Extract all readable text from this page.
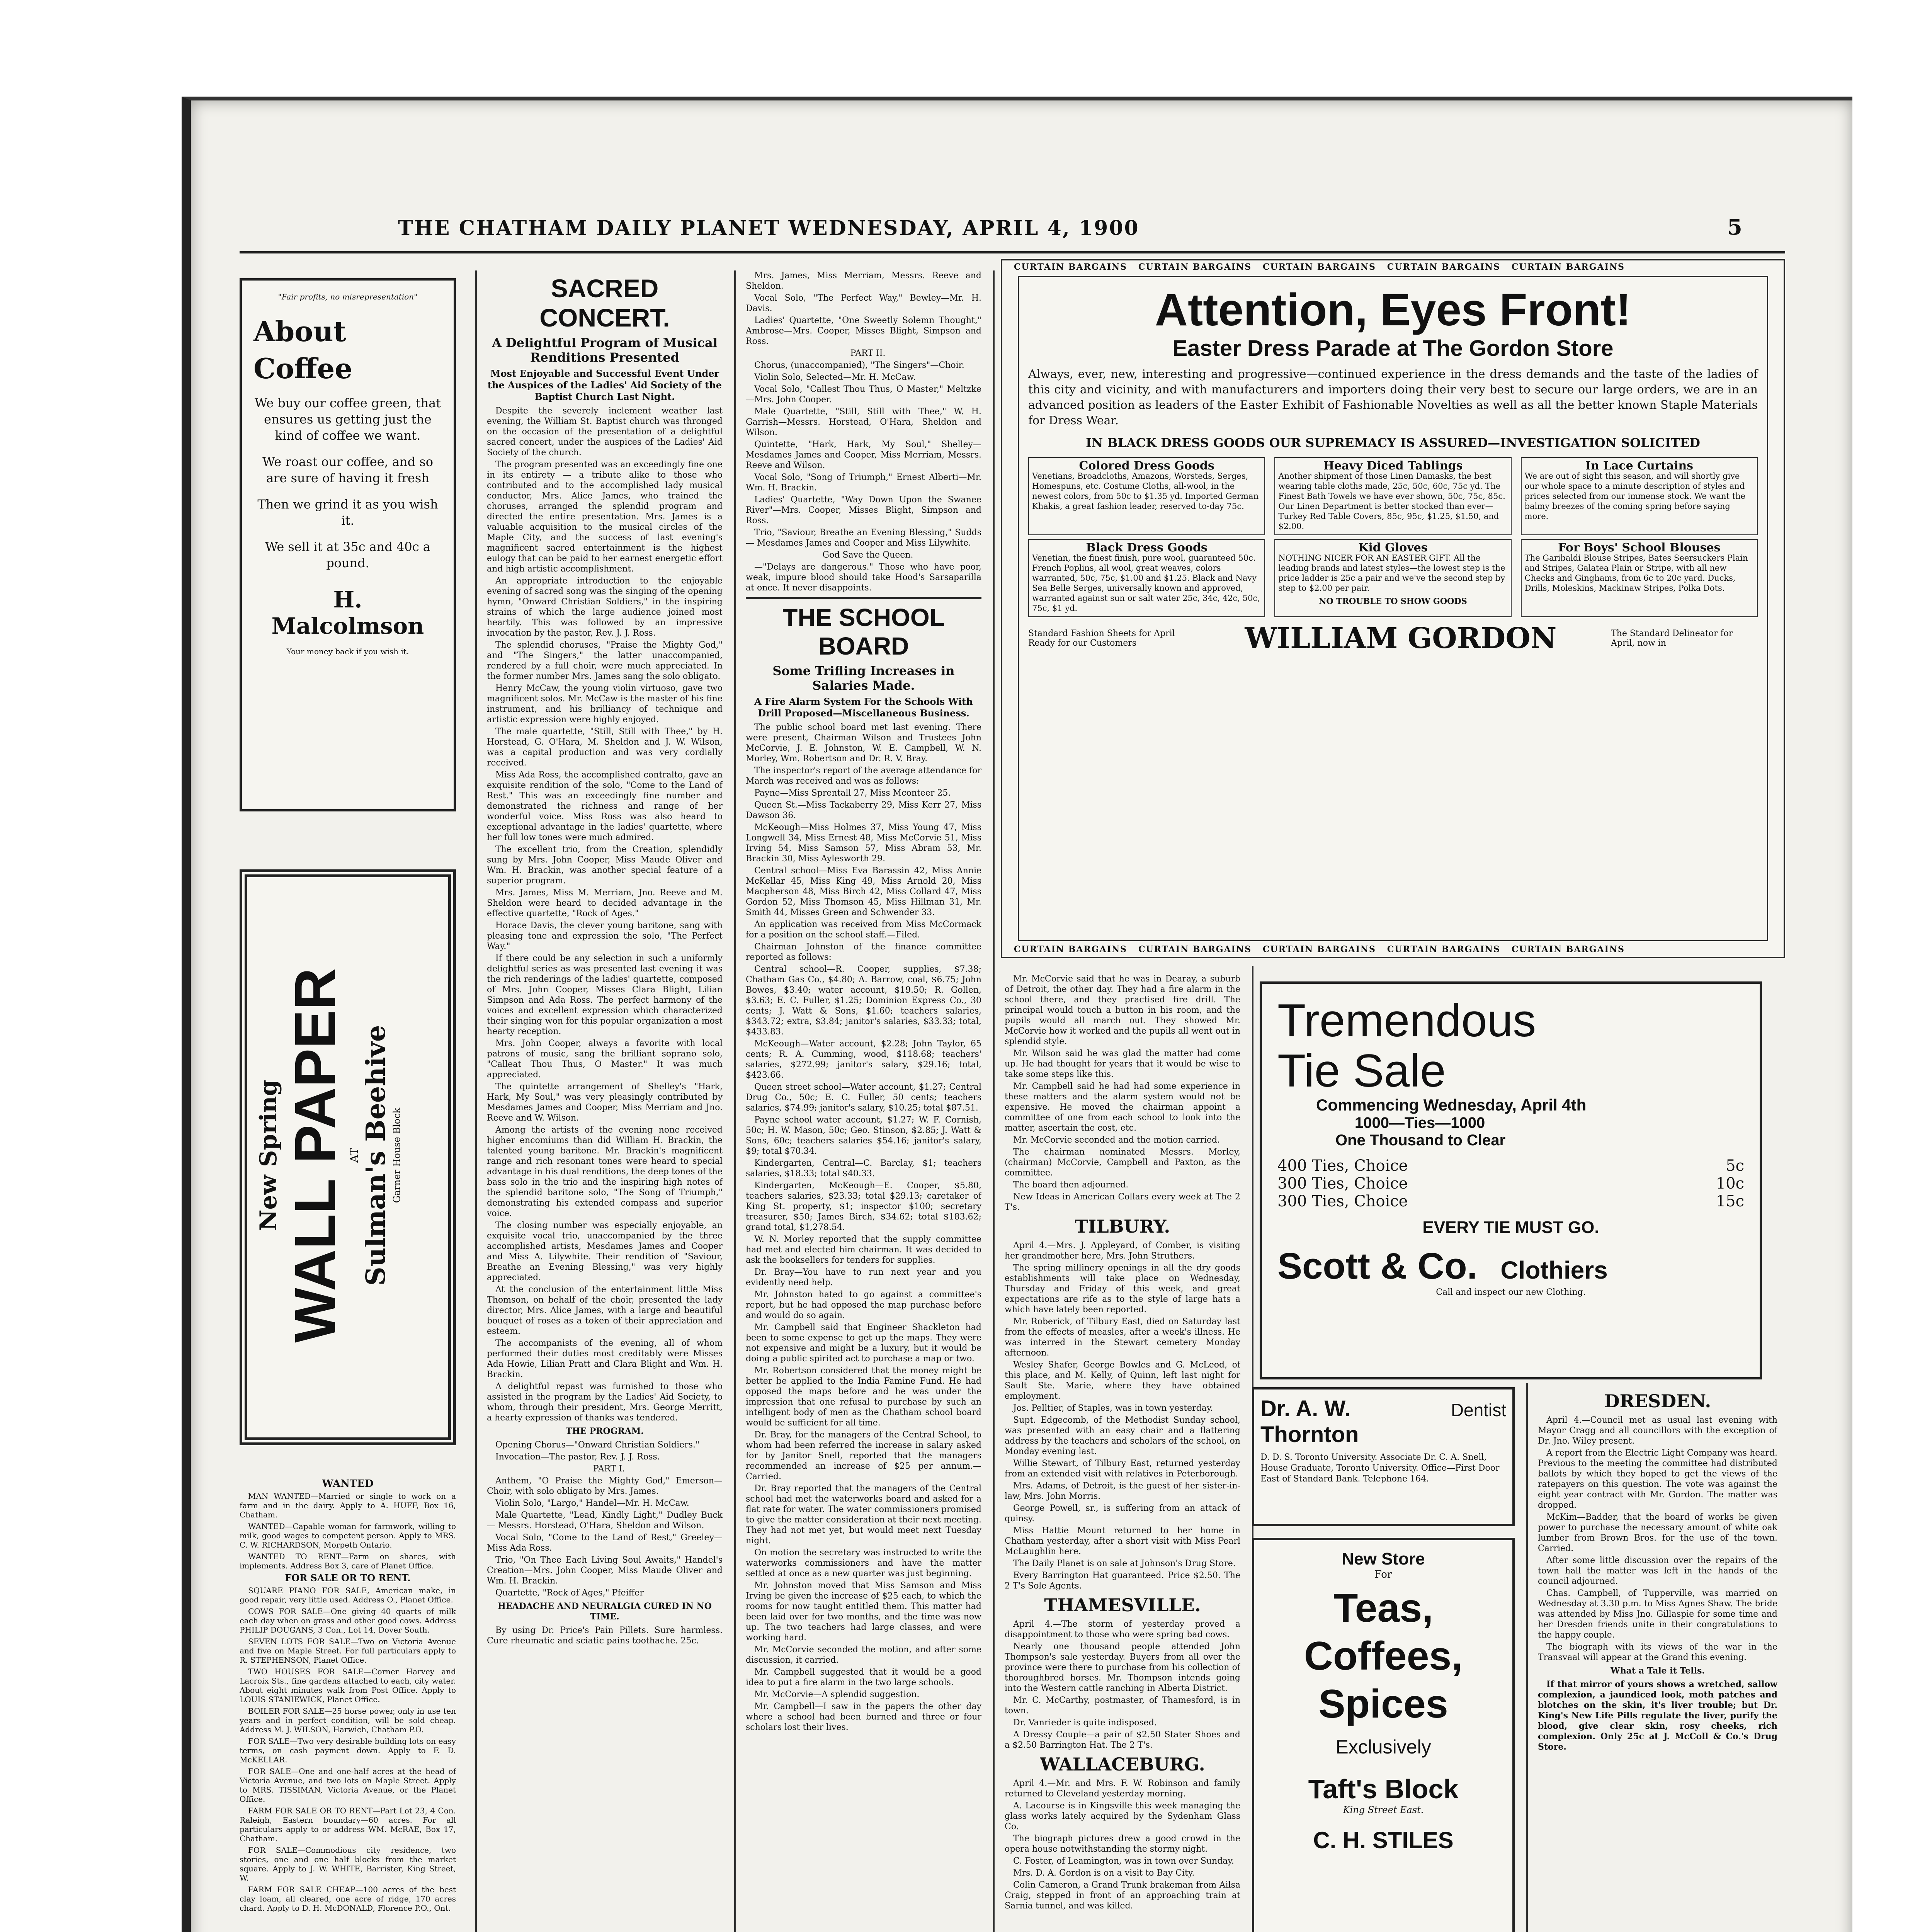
THE CHATHAM DAILY PLANET WEDNESDAY, APRIL 4, 1900	5
"Fair profits, no misrepresentation"
About Coffee

We buy our coffee green, that ensures us getting just the kind of coffee we want.

We roast our coffee, and so are sure of having it fresh

Then we grind it as you wish it.

We sell it at 35c and 40c a pound.

H. Malcolmson
Your money back if you wish it.
New Spring WALL PAPER AT Sulman's Beehive Garner House Block
WANTED

MAN WANTED—Married or single to work on a farm and in the dairy. Apply to A. HUFF, Box 16, Chatham.

WANTED—Capable woman for farmwork, willing to milk, good wages to competent person. Apply to MRS. C. W. RICHARDSON, Morpeth Ontario.

WANTED TO RENT—Farm on shares, with implements. Address Box 3, care of Planet Office.

FOR SALE OR TO RENT.

SQUARE PIANO FOR SALE, American make, in good repair, very little used. Address O., Planet Office.

COWS FOR SALE—One giving 40 quarts of milk each day when on grass and other good cows. Address PHILIP DOUGANS, 3 Con., Lot 14, Dover South.

SEVEN LOTS FOR SALE—Two on Victoria Avenue and five on Maple Street. For full particulars apply to R. STEPHENSON, Planet Office.

TWO HOUSES FOR SALE—Corner Harvey and Lacroix Sts., fine gardens attached to each, city water. About eight minutes walk from Post Office. Apply to LOUIS STANIEWICK, Planet Office.

BOILER FOR SALE—25 horse power, only in use ten years and in perfect condition, will be sold cheap. Address M. J. WILSON, Harwich, Chatham P.O.

FOR SALE—Two very desirable building lots on easy terms, on cash payment down. Apply to F. D. McKELLAR.

FOR SALE—One and one-half acres at the head of Victoria Avenue, and two lots on Maple Street. Apply to MRS. TISSIMAN, Victoria Avenue, or the Planet Office.

FARM FOR SALE OR TO RENT—Part Lot 23, 4 Con. Raleigh, Eastern boundary—60 acres. For all particulars apply to or address WM. McRAE, Box 17, Chatham.

FOR SALE—Commodious city residence, two stories, one and one half blocks from the market square. Apply to J. W. WHITE, Barrister, King Street, W.

FARM FOR SALE CHEAP—100 acres of the best clay loam, all cleared, one acre of ridge, 170 acres chard. Apply to D. H. McDONALD, Florence P.O., Ont.

SACRED CONCERT.
A Delightful Program of Musical Renditions Presented
Most Enjoyable and Successful Event Under the Auspices of the Ladies' Aid Society of the Baptist Church Last Night.

Despite the severely inclement weather last evening, the William St. Baptist church was thronged on the occasion of the presentation of a delightful sacred concert, under the auspices of the Ladies' Aid Society of the church.

The program presented was an exceedingly fine one in its entirety — a tribute alike to those who contributed and to the accomplished lady musical conductor, Mrs. Alice James, who trained the choruses, arranged the splendid program and directed the entire presentation. Mrs. James is a valuable acquisition to the musical circles of the Maple City, and the success of last evening's magnificent sacred entertainment is the highest eulogy that can be paid to her earnest energetic effort and high artistic accomplishment.

An appropriate introduction to the enjoyable evening of sacred song was the singing of the opening hymn, "Onward Christian Soldiers," in the inspiring strains of which the large audience joined most heartily. This was followed by an impressive invocation by the pastor, Rev. J. J. Ross.

The splendid choruses, "Praise the Mighty God," and "The Singers," the latter unaccompanied, rendered by a full choir, were much appreciated. In the former number Mrs. James sang the solo obligato.

Henry McCaw, the young violin virtuoso, gave two magnificent solos. Mr. McCaw is the master of his fine instrument, and his brilliancy of technique and artistic expression were highly enjoyed.

The male quartette, "Still, Still with Thee," by H. Horstead, G. O'Hara, M. Sheldon and J. W. Wilson, was a capital production and was very cordially received.

Miss Ada Ross, the accomplished contralto, gave an exquisite rendition of the solo, "Come to the Land of Rest." This was an exceedingly fine number and demonstrated the richness and range of her wonderful voice. Miss Ross was also heard to exceptional advantage in the ladies' quartette, where her full low tones were much admired.

The excellent trio, from the Creation, splendidly sung by Mrs. John Cooper, Miss Maude Oliver and Wm. H. Brackin, was another special feature of a superior program.

Mrs. James, Miss M. Merriam, Jno. Reeve and M. Sheldon were heard to decided advantage in the effective quartette, "Rock of Ages."

Horace Davis, the clever young baritone, sang with pleasing tone and expression the solo, "The Perfect Way."

If there could be any selection in such a uniformly delightful series as was presented last evening it was the rich renderings of the ladies' quartette, composed of Mrs. John Cooper, Misses Clara Blight, Lilian Simpson and Ada Ross. The perfect harmony of the voices and excellent expression which characterized their singing won for this popular organization a most hearty reception.

Mrs. John Cooper, always a favorite with local patrons of music, sang the brilliant soprano solo, "Calleat Thou Thus, O Master." It was much appreciated.

The quintette arrangement of Shelley's "Hark, Hark, My Soul," was very pleasingly contributed by Mesdames James and Cooper, Miss Merriam and Jno. Reeve and W. Wilson.

Among the artists of the evening none received higher encomiums than did William H. Brackin, the talented young baritone. Mr. Brackin's magnificent range and rich resonant tones were heard to special advantage in his dual renditions, the deep tones of the bass solo in the trio and the inspiring high notes of the splendid baritone solo, "The Song of Triumph," demonstrating his extended compass and superior voice.

The closing number was especially enjoyable, an exquisite vocal trio, unaccompanied by the three accomplished artists, Mesdames James and Cooper and Miss A. Lilywhite. Their rendition of "Saviour, Breathe an Evening Blessing," was very highly appreciated.

At the conclusion of the entertainment little Miss Thomson, on behalf of the choir, presented the lady director, Mrs. Alice James, with a large and beautiful bouquet of roses as a token of their appreciation and esteem.

The accompanists of the evening, all of whom performed their duties most creditably were Misses Ada Howie, Lilian Pratt and Clara Blight and Wm. H. Brackin.

A delightful repast was furnished to those who assisted in the program by the Ladies' Aid Society, to whom, through their president, Mrs. George Merritt, a hearty expression of thanks was tendered.

THE PROGRAM.

Opening Chorus—"Onward Christian Soldiers."

Invocation—The pastor, Rev. J. J. Ross.

PART I.

Anthem, "O Praise the Mighty God," Emerson—Choir, with solo obligato by Mrs. James.

Violin Solo, "Largo," Handel—Mr. H. McCaw.

Male Quartette, "Lead, Kindly Light," Dudley Buck — Messrs. Horstead, O'Hara, Sheldon and Wilson.

Vocal Solo, "Come to the Land of Rest," Greeley—Miss Ada Ross.

Trio, "On Thee Each Living Soul Awaits," Handel's Creation—Mrs. John Cooper, Miss Maude Oliver and Wm. H. Brackin.

Quartette, "Rock of Ages," Pfeiffer

HEADACHE AND NEURALGIA CURED IN NO TIME.

By using Dr. Price's Pain Pillets. Sure harmless. Cure rheumatic and sciatic pains toothache. 25c.

Mrs. James, Miss Merriam, Messrs. Reeve and Sheldon.

Vocal Solo, "The Perfect Way," Bewley—Mr. H. Davis.

Ladies' Quartette, "One Sweetly Solemn Thought," Ambrose—Mrs. Cooper, Misses Blight, Simpson and Ross.

PART II.

Chorus, (unaccompanied), "The Singers"—Choir.

Violin Solo, Selected—Mr. H. McCaw.

Vocal Solo, "Callest Thou Thus, O Master," Meltzke—Mrs. John Cooper.

Male Quartette, "Still, Still with Thee," W. H. Garrish—Messrs. Horstead, O'Hara, Sheldon and Wilson.

Quintette, "Hark, Hark, My Soul," Shelley—Mesdames James and Cooper, Miss Merriam, Messrs. Reeve and Wilson.

Vocal Solo, "Song of Triumph," Ernest Alberti—Mr. Wm. H. Brackin.

Ladies' Quartette, "Way Down Upon the Swanee River"—Mrs. Cooper, Misses Blight, Simpson and Ross.

Trio, "Saviour, Breathe an Evening Blessing," Sudds — Mesdames James and Cooper and Miss Lilywhite.

God Save the Queen.

—"Delays are dangerous." Those who have poor, weak, impure blood should take Hood's Sarsaparilla at once. It never disappoints.

THE SCHOOL BOARD
Some Trifling Increases in Salaries Made.
A Fire Alarm System For the Schools With Drill Proposed—Miscellaneous Business.

The public school board met last evening. There were present, Chairman Wilson and Trustees John McCorvie, J. E. Johnston, W. E. Campbell, W. N. Morley, Wm. Robertson and Dr. R. V. Bray.

The inspector's report of the average attendance for March was received and was as follows:

Payne—Miss Sprentall 27, Miss Mconteer 25.

Queen St.—Miss Tackaberry 29, Miss Kerr 27, Miss Dawson 36.

McKeough—Miss Holmes 37, Miss Young 47, Miss Longwell 34, Miss Ernest 48, Miss McCorvie 51, Miss Irving 54, Miss Samson 57, Miss Abram 53, Mr. Brackin 30, Miss Aylesworth 29.

Central school—Miss Eva Barassin 42, Miss Annie McKellar 45, Miss King 49, Miss Arnold 20, Miss Macpherson 48, Miss Birch 42, Miss Collard 47, Miss Gordon 52, Miss Thomson 45, Miss Hillman 31, Mr. Smith 44, Misses Green and Schwender 33.

An application was received from Miss McCormack for a position on the school staff.—Filed.

Chairman Johnston of the finance committee reported as follows:

Central school—R. Cooper, supplies, $7.38; Chatham Gas Co., $4.80; A. Barrow, coal, $6.75; John Bowes, $3.40; water account, $19.50; R. Gollen, $3.63; E. C. Fuller, $1.25; Dominion Express Co., 30 cents; J. Watt & Sons, $1.60; teachers salaries, $343.72; extra, $3.84; janitor's salaries, $33.33; total, $433.83.

McKeough—Water account, $2.28; John Taylor, 65 cents; R. A. Cumming, wood, $118.68; teachers' salaries, $272.99; janitor's salary, $29.16; total, $423.66.

Queen street school—Water account, $1.27; Central Drug Co., 50c; E. C. Fuller, 50 cents; teachers salaries, $74.99; janitor's salary, $10.25; total $87.51.

Payne school water account, $1.27; W. F. Cornish, 50c; H. W. Mason, 50c; Geo. Stinson, $2.85; J. Watt & Sons, 60c; teachers salaries $54.16; janitor's salary, $9; total $70.34.

Kindergarten, Central—C. Barclay, $1; teachers salaries, $18.33; total $40.33.

Kindergarten, McKeough—E. Cooper, $5.80, teachers salaries, $23.33; total $29.13; caretaker of King St. property, $1; inspector $100; secretary treasurer, $50; James Birch, $34.62; total $183.62; grand total, $1,278.54.

W. N. Morley reported that the supply committee had met and elected him chairman. It was decided to ask the booksellers for tenders for supplies.

Dr. Bray—You have to run next year and you evidently need help.

Mr. Johnston hated to go against a committee's report, but he had opposed the map purchase before and would do so again.

Mr. Campbell said that Engineer Shackleton had been to some expense to get up the maps. They were not expensive and might be a luxury, but it would be doing a public spirited act to purchase a map or two.

Mr. Robertson considered that the money might be better be applied to the India Famine Fund. He had opposed the maps before and he was under the impression that one refusal to purchase by such an intelligent body of men as the Chatham school board would be sufficient for all time.

Dr. Bray, for the managers of the Central School, to whom had been referred the increase in salary asked for by Janitor Snell, reported that the managers recommended an increase of $25 per annum.—Carried.

Dr. Bray reported that the managers of the Central school had met the waterworks board and asked for a flat rate for water. The water commissioners promised to give the matter consideration at their next meeting. They had not met yet, but would meet next Tuesday night.

On motion the secretary was instructed to write the waterworks commissioners and have the matter settled at once as a new quarter was just beginning.

Mr. Johnston moved that Miss Samson and Miss Irving be given the increase of $25 each, to which the rooms for now taught entitled them. This matter had been laid over for two months, and the time was now up. The two teachers had large classes, and were working hard.

Mr. McCorvie seconded the motion, and after some discussion, it carried.

Mr. Campbell suggested that it would be a good idea to put a fire alarm in the two large schools.

Mr. McCorvie—A splendid suggestion.

Mr. Campbell—I saw in the papers the other day where a school had been burned and three or four scholars lost their lives.

CURTAIN BARGAINS CURTAIN BARGAINS CURTAIN BARGAINS CURTAIN BARGAINS CURTAIN BARGAINS
CURTAIN BARGAINS CURTAIN BARGAINS CURTAIN BARGAINS CURTAIN BARGAINS CURTAIN BARGAINS
Attention, Eyes Front!
Easter Dress Parade at The Gordon Store
Always, ever, new, interesting and progressive—continued experience in the dress demands and the taste of the ladies of this city and vicinity, and with manufacturers and importers doing their very best to secure our large orders, we are in an advanced position as leaders of the Easter Exhibit of Fashionable Novelties as well as all the better known Staple Materials for Dress Wear.
IN BLACK DRESS GOODS OUR SUPREMACY IS ASSURED—INVESTIGATION SOLICITED
Colored Dress Goods
Venetians, Broadcloths, Amazons, Worsteds, Serges, Homespuns, etc. Costume Cloths, all-wool, in the newest colors, from 50c to $1.35 yd. Imported German Khakis, a great fashion leader, reserved to-day 75c.
Heavy Diced Tablings
Another shipment of those Linen Damasks, the best wearing table cloths made, 25c, 50c, 60c, 75c yd. The Finest Bath Towels we have ever shown, 50c, 75c, 85c. Our Linen Department is better stocked than ever—Turkey Red Table Covers, 85c, 95c, $1.25, $1.50, and $2.00.
In Lace Curtains
We are out of sight this season, and will shortly give our whole space to a minute description of styles and prices selected from our immense stock. We want the balmy breezes of the coming spring before saying more.
Black Dress Goods
Venetian, the finest finish, pure wool, guaranteed 50c. French Poplins, all wool, great weaves, colors warranted, 50c, 75c, $1.00 and $1.25. Black and Navy Sea Belle Serges, universally known and approved, warranted against sun or salt water 25c, 34c, 42c, 50c, 75c, $1 yd.
Kid Gloves
NOTHING NICER FOR AN EASTER GIFT. All the leading brands and latest styles—the lowest step is the price ladder is 25c a pair and we've the second step by step to $2.00 per pair.
NO TROUBLE TO SHOW GOODS
For Boys' School Blouses
The Garibaldi Blouse Stripes, Bates Seersuckers Plain and Stripes, Galatea Plain or Stripe, with all new Checks and Ginghams, from 6c to 20c yard. Ducks, Drills, Moleskins, Mackinaw Stripes, Polka Dots.
Standard Fashion Sheets for April Ready for our Customers	WILLIAM GORDON	The Standard Delineator for April, now in

Mr. McCorvie said that he was in Dearay, a suburb of Detroit, the other day. They had a fire alarm in the school there, and they practised fire drill. The principal would touch a button in his room, and the pupils would all march out. They showed Mr. McCorvie how it worked and the pupils all went out in splendid style.

Mr. Wilson said he was glad the matter had come up. He had thought for years that it would be wise to take some steps like this.

Mr. Campbell said he had had some experience in these matters and the alarm system would not be expensive. He moved the chairman appoint a committee of one from each school to look into the matter, ascertain the cost, etc.

Mr. McCorvie seconded and the motion carried.

The chairman nominated Messrs. Morley, (chairman) McCorvie, Campbell and Paxton, as the committee.

The board then adjourned.

New Ideas in American Collars every week at The 2 T's.

TILBURY.

April 4.—Mrs. J. Appleyard, of Comber, is visiting her grandmother here, Mrs. John Struthers.

The spring millinery openings in all the dry goods establishments will take place on Wednesday, Thursday and Friday of this week, and great expectations are rife as to the style of large hats a which have lately been reported.

Mr. Roberick, of Tilbury East, died on Saturday last from the effects of measles, after a week's illness. He was interred in the Stewart cemetery Monday afternoon.

Wesley Shafer, George Bowles and G. McLeod, of this place, and M. Kelly, of Quinn, left last night for Sault Ste. Marie, where they have obtained employment.

Jos. Pelltier, of Staples, was in town yesterday.

Supt. Edgecomb, of the Methodist Sunday school, was presented with an easy chair and a flattering address by the teachers and scholars of the school, on Monday evening last.

Willie Stewart, of Tilbury East, returned yesterday from an extended visit with relatives in Peterborough.

Mrs. Adams, of Detroit, is the guest of her sister-in-law, Mrs. John Morris.

George Powell, sr., is suffering from an attack of quinsy.

Miss Hattie Mount returned to her home in Chatham yesterday, after a short visit with Miss Pearl McLaughlin here.

The Daily Planet is on sale at Johnson's Drug Store.

Every Barrington Hat guaranteed. Price $2.50. The 2 T's Sole Agents.

THAMESVILLE.

April 4.—The storm of yesterday proved a disappointment to those who were spring bad cows.

Nearly one thousand people attended John Thompson's sale yesterday. Buyers from all over the province were there to purchase from his collection of thoroughbred horses. Mr. Thompson intends going into the Western cattle ranching in Alberta District.

Mr. C. McCarthy, postmaster, of Thamesford, is in town.

Dr. Vanrieder is quite indisposed.

A Dressy Couple—a pair of $2.50 Stater Shoes and a $2.50 Barrington Hat. The 2 T's.

WALLACEBURG.

April 4.—Mr. and Mrs. F. W. Robinson and family returned to Cleveland yesterday morning.

A. Lacourse is in Kingsville this week managing the glass works lately acquired by the Sydenham Glass Co.

The biograph pictures drew a good crowd in the opera house notwithstanding the stormy night.

C. Foster, of Leamington, was in town over Sunday.

Mrs. D. A. Gordon is on a visit to Bay City.

Colin Cameron, a Grand Trunk brakeman from Ailsa Craig, stepped in front of an approaching train at Sarnia tunnel, and was killed.

Tremendous
Tie Sale
Commencing Wednesday, April 4th
1000—Ties—1000
One Thousand to Clear
400 Ties, Choice	5c
300 Ties, Choice	10c
300 Ties, Choice	15c
EVERY TIE MUST GO.
Scott & Co. Clothiers
Call and inspect our new Clothing.
Dr. A. W. Thornton
Dentist
D. D. S. Toronto University. Associate Dr. C. A. Snell, House Graduate, Toronto University. Office—First Door East of Standard Bank. Telephone 164.
New Store
For
Teas, Coffees,
Spices
Exclusively
Taft's Block
King Street East.
C. H. STILES

DRESDEN.

April 4.—Council met as usual last evening with Mayor Cragg and all councillors with the exception of Dr. Jno. Wiley present.

A report from the Electric Light Company was heard. Previous to the meeting the committee had distributed ballots by which they hoped to get the views of the ratepayers on this question. The vote was against the eight year contract with Mr. Gordon. The matter was dropped.

McKim—Badder, that the board of works be given power to purchase the necessary amount of white oak lumber from Brown Bros. for the use of the town. Carried.

After some little discussion over the repairs of the town hall the matter was left in the hands of the council adjourned.

Chas. Campbell, of Tupperville, was married on Wednesday at 3.30 p.m. to Miss Agnes Shaw. The bride was attended by Miss Jno. Gillaspie for some time and her Dresden friends unite in their congratulations to the happy couple.

The biograph with its views of the war in the Transvaal will appear at the Grand this evening.

What a Tale it Tells.

If that mirror of yours shows a wretched, sallow complexion, a jaundiced look, moth patches and blotches on the skin, it's liver trouble; but Dr. King's New Life Pills regulate the liver, purify the blood, give clear skin, rosy cheeks, rich complexion. Only 25c at J. McColl & Co.'s Drug Store.
